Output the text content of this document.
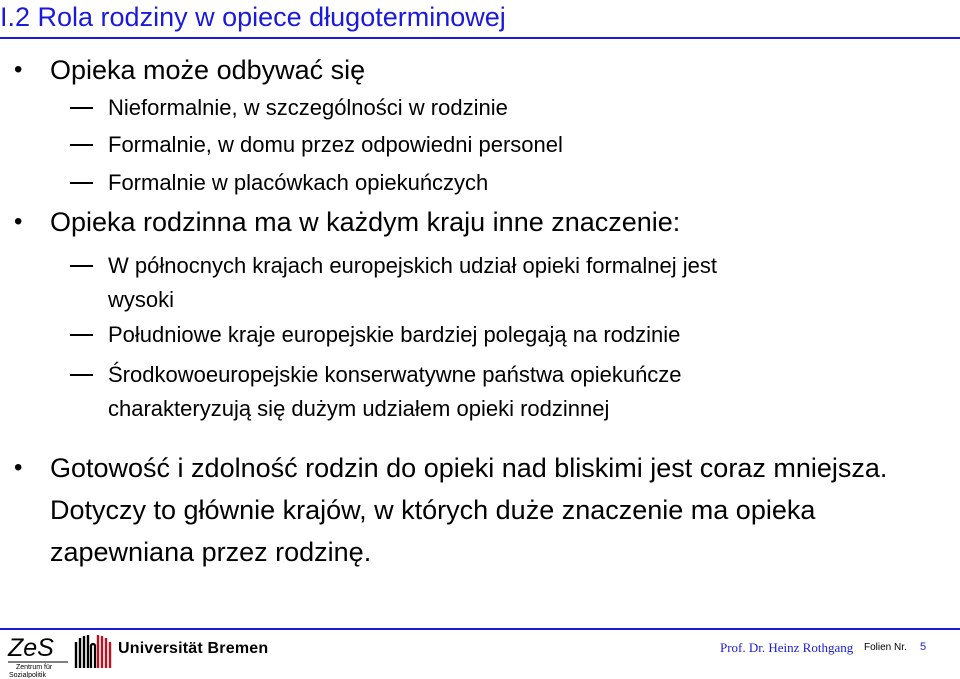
I.2 Rola rodziny w opiece długoterminowej
• Opieka może odbywać się
Nieformalnie, w szczególności w rodzinie
Formalnie, w domu przez odpowiedni personel
Formalnie w placówkach opiekuńczych
• Opieka rodzinna ma w każdym kraju inne znaczenie:
W północnych krajach europejskich udział opieki formalnej jest
wysoki
Południowe kraje europejskie bardziej polegają na rodzinie
Środkowoeuropejskie konserwatywne państwa opiekuńcze
charakteryzują się dużym udziałem opieki rodzinnej
• Gotowość i zdolność rodzin do opieki nad bliskimi jest coraz mniejsza. Dotyczy to głównie krajów, w których duże znaczenie ma opieka zapewniana przez rodzinę.
ZeS
Zentrum für
Sozialpolitik
Universität Bremen	Prof. Dr. Heinz Rothgang Folien Nr. 5
